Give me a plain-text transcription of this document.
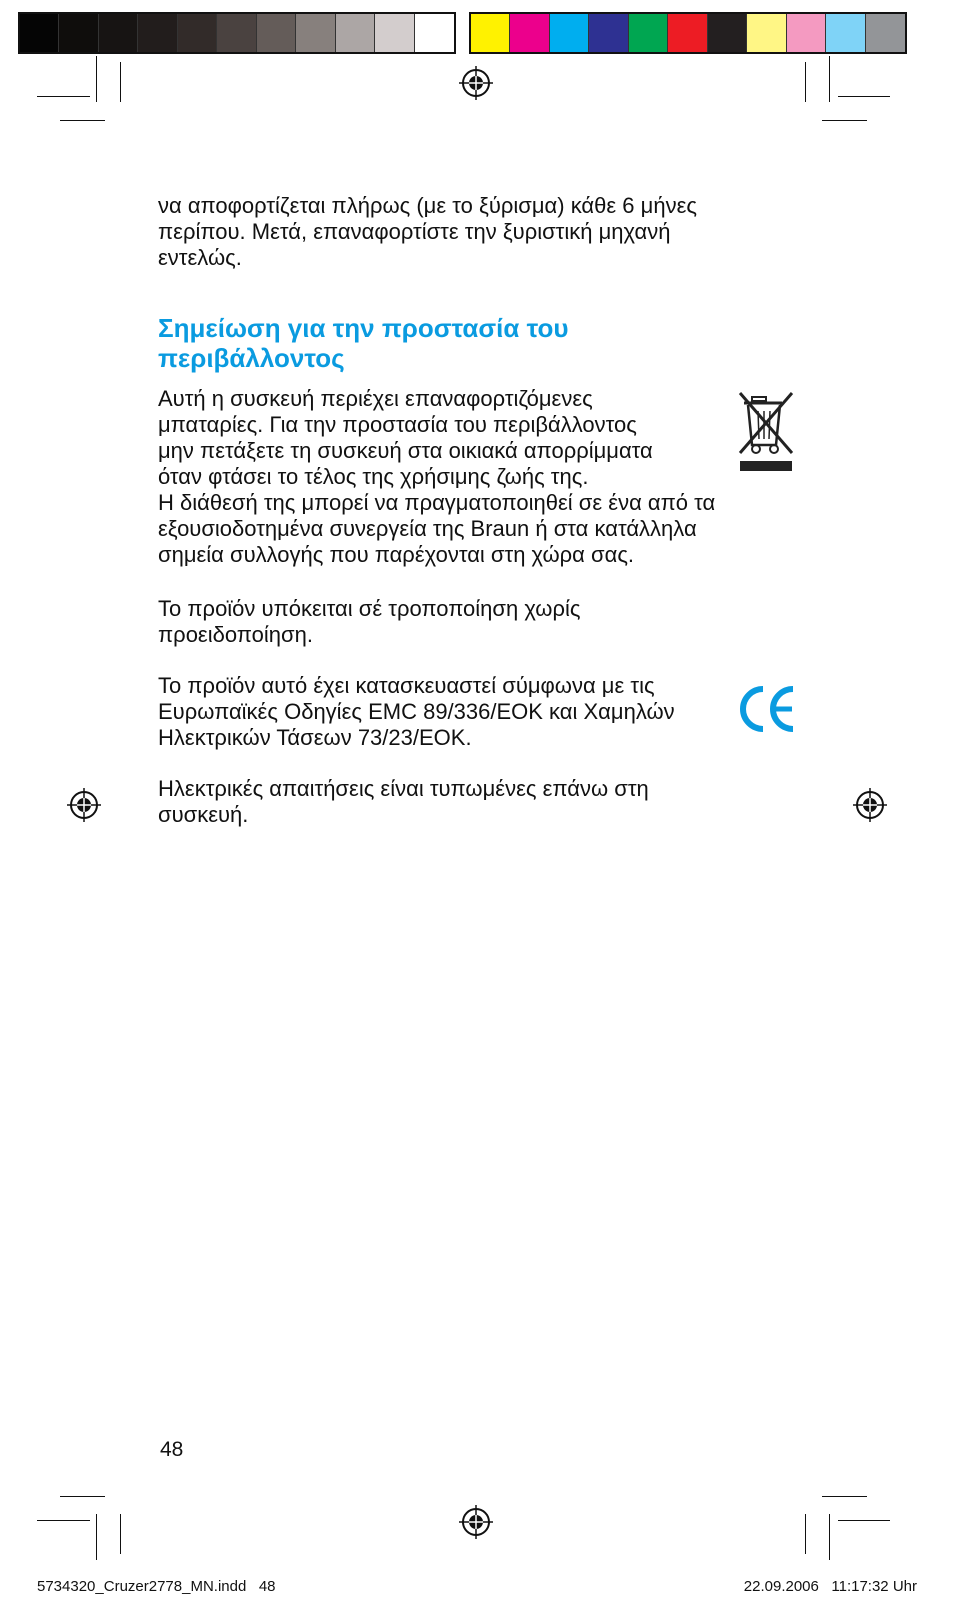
να αποφορτίζεται πλήρως (με το ξύρισμα) κάθε 6 μήνες
περίπου. Μετά, επαναφορτίστε την ξυριστική μηχανή
εντελώς.

Σημείωση για την προστασία του
περιβάλλοντος

Αυτή η συσκευή περιέχει επαναφορτιζόμενες
μπαταρίες. Για την προστασία του περιβάλλοντος
μην πετάξετε τη συσκευή στα οικιακά απορρίμματα
όταν φτάσει το τέλος της χρήσιμης ζωής της.
Η διάθεσή της μπορεί να πραγματοποιηθεί σε ένα από τα
εξουσιοδοτημένα συνεργεία της Braun ή στα κατάλληλα
σημεία συλλογής που παρέχονται στη χώρα σας.

Το προϊόν υπόκειται σέ τροποποίηση χωρίς
προειδοποίηση.

Το προϊόν αυτό έχει κατασκευαστεί σύμφωνα με τις
Ευρωπαϊκές Οδηγίες EMC 89/336/ΕΟΚ και Χαμηλών
Ηλεκτρικών Τάσεων 73/23/ΕΟΚ.

Ηλεκτρικές απαιτήσεις είναι τυπωμένες επάνω στη
συσκευή.

48
5734320_Cruzer2778_MN.indd   48	22.09.2006   11:17:32 Uhr
